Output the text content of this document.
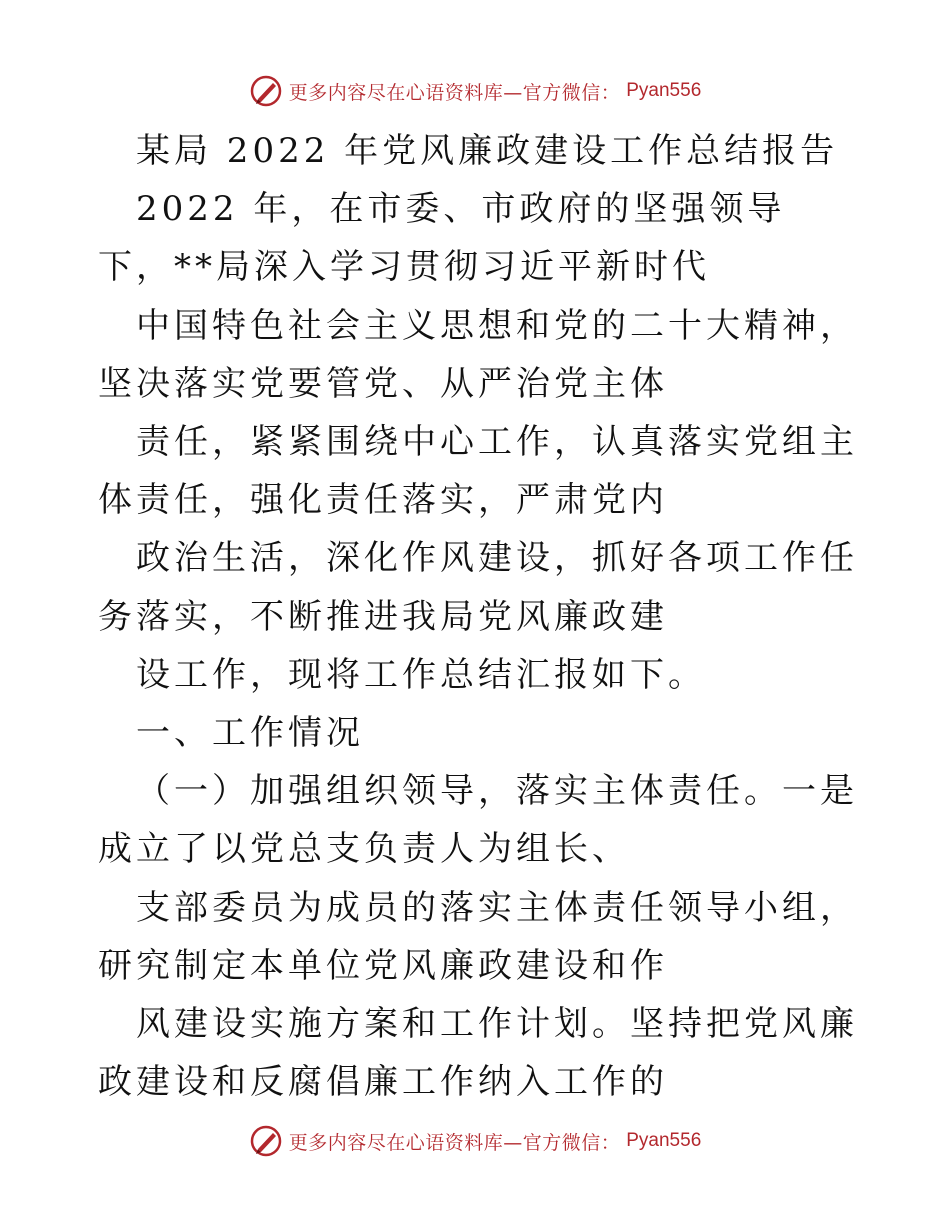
更多内容尽在心语资料库—官方微信： Pyan556

某局 2022 年党风廉政建设工作总结报告

2022 年，在市委、市政府的坚强领导下，**局深入学习贯彻习近平新时代

中国特色社会主义思想和党的二十大精神，坚决落实党要管党、从严治党主体

责任，紧紧围绕中心工作，认真落实党组主体责任，强化责任落实，严肃党内

政治生活，深化作风建设，抓好各项工作任务落实，不断推进我局党风廉政建

设工作，现将工作总结汇报如下。

一、工作情况

（一）加强组织领导，落实主体责任。一是成立了以党总支负责人为组长、

支部委员为成员的落实主体责任领导小组，研究制定本单位党风廉政建设和作

风建设实施方案和工作计划。坚持把党风廉政建设和反腐倡廉工作纳入工作的

更多内容尽在心语资料库—官方微信： Pyan556
